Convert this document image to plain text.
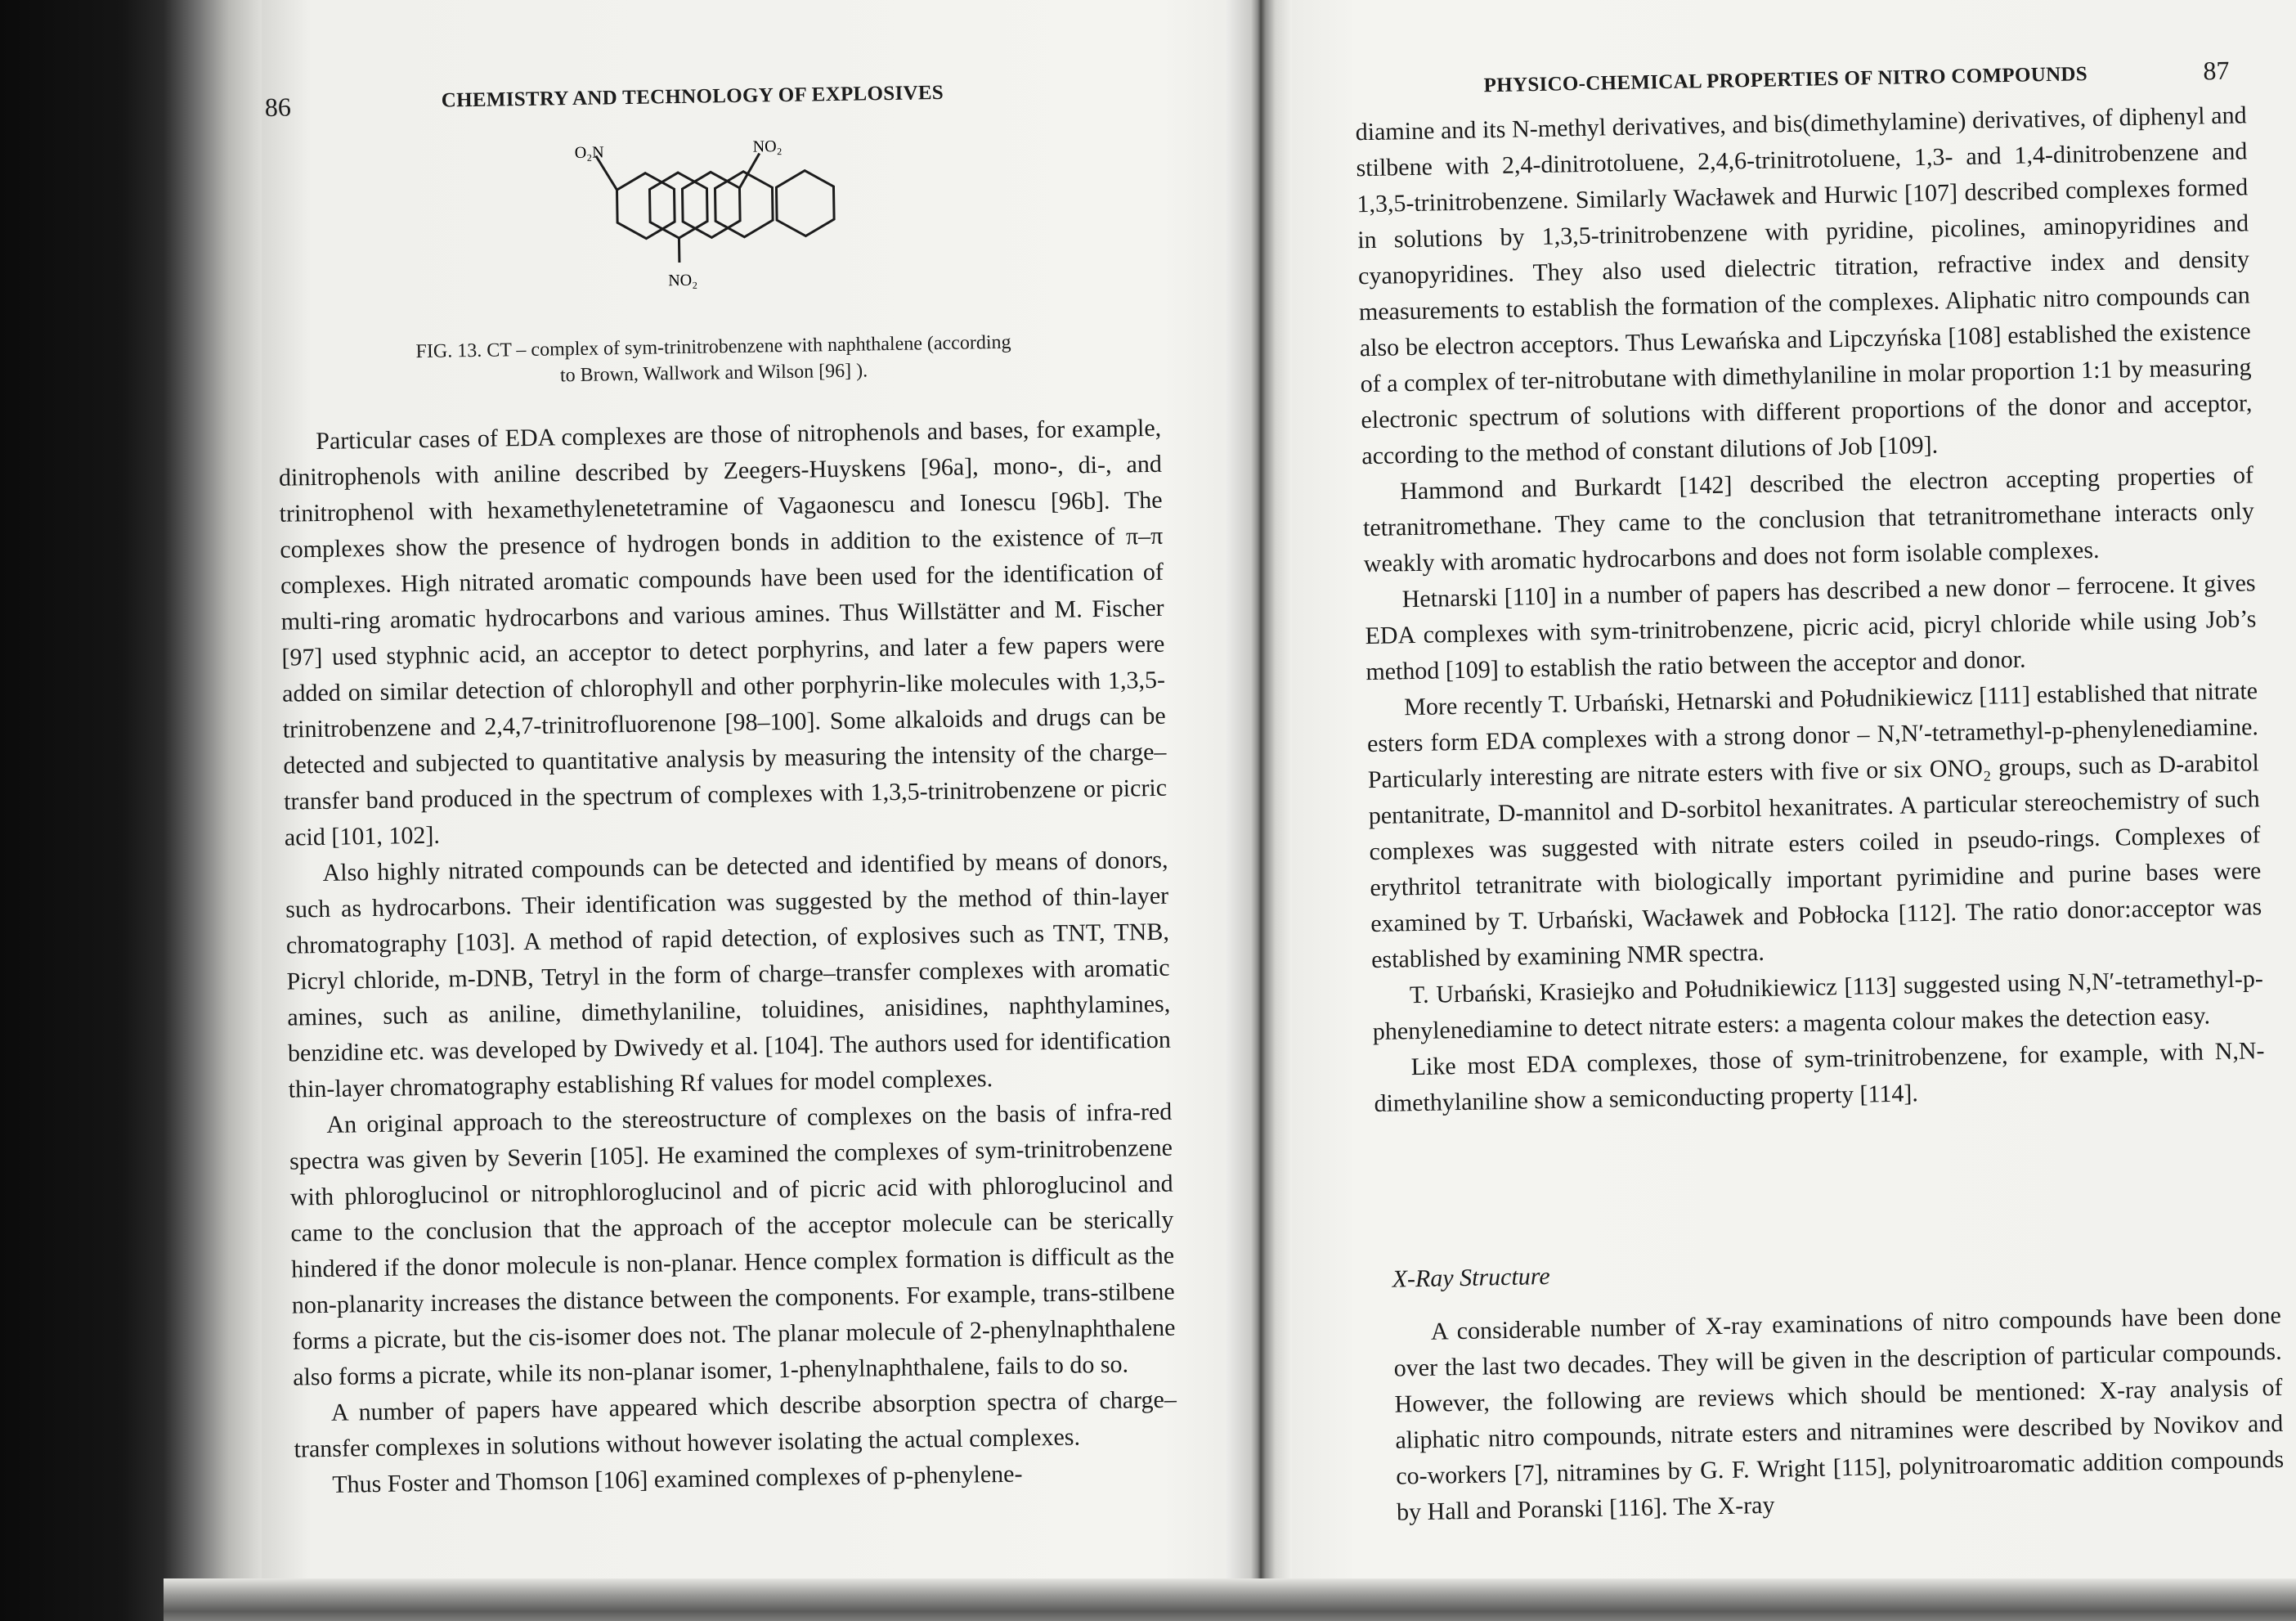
86	CHEMISTRY AND TECHNOLOGY OF EXPLOSIVES
O₂N	NO₂
NO₂
FIG. 13. CT – complex of sym-trinitrobenzene with naphthalene (according
to Brown, Wallwork and Wilson [96] ).

Particular cases of EDA complexes are those of nitrophenols and bases, for example, dinitrophenols with aniline described by Zeegers-Huyskens [96a], mono-, di-, and trinitrophenol with hexamethylenetetramine of Vagaonescu and Ionescu [96b]. The complexes show the presence of hydrogen bonds in addition to the existence of π–π complexes. High nitrated aromatic compounds have been used for the identification of multi-ring aromatic hydrocarbons and various amines. Thus Willstätter and M. Fischer [97] used styphnic acid, an acceptor to detect porphyrins, and later a few papers were added on similar detection of chlorophyll and other porphyrin-like molecules with 1,3,5-trinitrobenzene and 2,4,7-trinitrofluorenone [98–100]. Some alkaloids and drugs can be detected and subjected to quantitative analysis by measuring the intensity of the charge–transfer band produced in the spectrum of complexes with 1,3,5-trinitrobenzene or picric acid [101, 102].

Also highly nitrated compounds can be detected and identified by means of donors, such as hydrocarbons. Their identification was suggested by the method of thin-layer chromatography [103]. A method of rapid detection, of explosives such as TNT, TNB, Picryl chloride, m-DNB, Tetryl in the form of charge–transfer complexes with aromatic amines, such as aniline, dimethylaniline, toluidines, anisidines, naphthylamines, benzidine etc. was developed by Dwivedy et al. [104]. The authors used for identification thin-layer chromatography establishing Rf values for model complexes.

An original approach to the stereostructure of complexes on the basis of infra-red spectra was given by Severin [105]. He examined the complexes of sym-trinitrobenzene with phloroglucinol or nitrophloroglucinol and of picric acid with phloroglucinol and came to the conclusion that the approach of the acceptor molecule can be sterically hindered if the donor molecule is non-planar. Hence complex formation is difficult as the non-planarity increases the distance between the components. For example, trans-stilbene forms a picrate, but the cis-isomer does not. The planar molecule of 2-phenylnaphthalene also forms a picrate, while its non-planar isomer, 1-phenylnaphthalene, fails to do so.

A number of papers have appeared which describe absorption spectra of charge–transfer complexes in solutions without however isolating the actual complexes.

Thus Foster and Thomson [106] examined complexes of p-phenylene-

PHYSICO-CHEMICAL PROPERTIES OF NITRO COMPOUNDS	87

diamine and its N-methyl derivatives, and bis(dimethylamine) derivatives, of diphenyl and stilbene with 2,4-dinitrotoluene, 2,4,6-trinitrotoluene, 1,3- and 1,4-dinitrobenzene and 1,3,5-trinitrobenzene. Similarly Wacławek and Hurwic [107] described complexes formed in solutions by 1,3,5-trinitrobenzene with pyridine, picolines, aminopyridines and cyanopyridines. They also used dielectric titration, refractive index and density measurements to establish the formation of the complexes. Aliphatic nitro compounds can also be electron acceptors. Thus Lewańska and Lipczyńska [108] established the existence of a complex of ter-nitrobutane with dimethylaniline in molar proportion 1:1 by measuring electronic spectrum of solutions with different proportions of the donor and acceptor, according to the method of constant dilutions of Job [109].

Hammond and Burkardt [142] described the electron accepting properties of tetranitromethane. They came to the conclusion that tetranitromethane interacts only weakly with aromatic hydrocarbons and does not form isolable complexes.

Hetnarski [110] in a number of papers has described a new donor – ferrocene. It gives EDA complexes with sym-trinitrobenzene, picric acid, picryl chloride while using Job’s method [109] to establish the ratio between the acceptor and donor.

More recently T. Urbański, Hetnarski and Południkiewicz [111] established that nitrate esters form EDA complexes with a strong donor – N,N′-tetramethyl-p-phenylenediamine. Particularly interesting are nitrate esters with five or six ONO₂ groups, such as D-arabitol pentanitrate, D-mannitol and D-sorbitol hexanitrates. A particular stereochemistry of such complexes was suggested with nitrate esters coiled in pseudo-rings. Complexes of erythritol tetranitrate with biologically important pyrimidine and purine bases were examined by T. Urbański, Wacławek and Pobłocka [112]. The ratio donor:acceptor was established by examining NMR spectra.

T. Urbański, Krasiejko and Południkiewicz [113] suggested using N,N′-tetramethyl-p-phenylenediamine to detect nitrate esters: a magenta colour makes the detection easy.

Like most EDA complexes, those of sym-trinitrobenzene, for example, with N,N-dimethylaniline show a semiconducting property [114].

X-Ray Structure

A considerable number of X-ray examinations of nitro compounds have been done over the last two decades. They will be given in the description of particular compounds. However, the following are reviews which should be mentioned: X-ray analysis of aliphatic nitro compounds, nitrate esters and nitramines were described by Novikov and co-workers [7], nitramines by G. F. Wright [115], polynitroaromatic addition compounds by Hall and Poranski [116]. The X-ray
